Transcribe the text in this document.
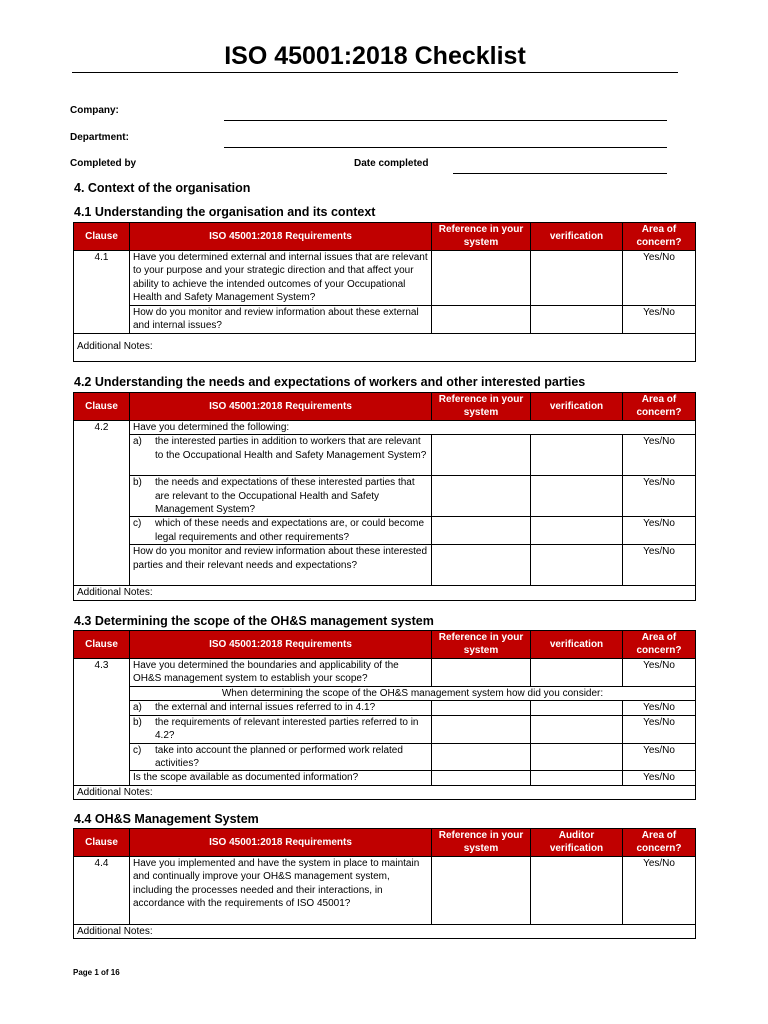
ISO 45001:2018 Checklist
Company:
Department:
Completed by	Date completed
4. Context of the organisation
4.1 Understanding the organisation and its context
Clause	ISO 45001:2018 Requirements	Reference in your system	verification	Area of concern?
4.1	Have you determined external and internal issues that are relevant to your purpose and your strategic direction and that affect your ability to achieve the intended outcomes of your Occupational Health and Safety Management System?			Yes/No
	How do you monitor and review information about these external and internal issues?			Yes/No
Additional Notes:				
4.2 Understanding the needs and expectations of workers and other interested parties
Clause	ISO 45001:2018 Requirements	Reference in your system	verification	Area of concern?
4.2	Have you determined the following:			

	a) the interested parties in addition to workers that are relevant to the Occupational Health and Safety Management System?			Yes/No

	b) the needs and expectations of these interested parties that are relevant to the Occupational Health and Safety Management System?			Yes/No

	c) which of these needs and expectations are, or could become legal requirements and other requirements?			Yes/No
	How do you monitor and review information about these interested parties and their relevant needs and expectations?			Yes/No
Additional Notes:				
4.3 Determining the scope of the OH&S management system
Clause	ISO 45001:2018 Requirements	Reference in your system	verification	Area of concern?
4.3	Have you determined the boundaries and applicability of the OH&S management system to establish your scope?			Yes/No
	When determining the scope of the OH&S management system how did you consider:			

	a) the external and internal issues referred to in 4.1?			Yes/No

	b) the requirements of relevant interested parties referred to in 4.2?			Yes/No

	c) take into account the planned or performed work related activities?			Yes/No
	Is the scope available as documented information?			Yes/No
Additional Notes:				
4.4 OH&S Management System
Clause	ISO 45001:2018 Requirements	Reference in your system	Auditor verification	Area of concern?
4.4	Have you implemented and have the system in place to maintain and continually improve your OH&S management system, including the processes needed and their interactions, in accordance with the requirements of ISO 45001?			Yes/No
Additional Notes:				
Page 1 of 16
